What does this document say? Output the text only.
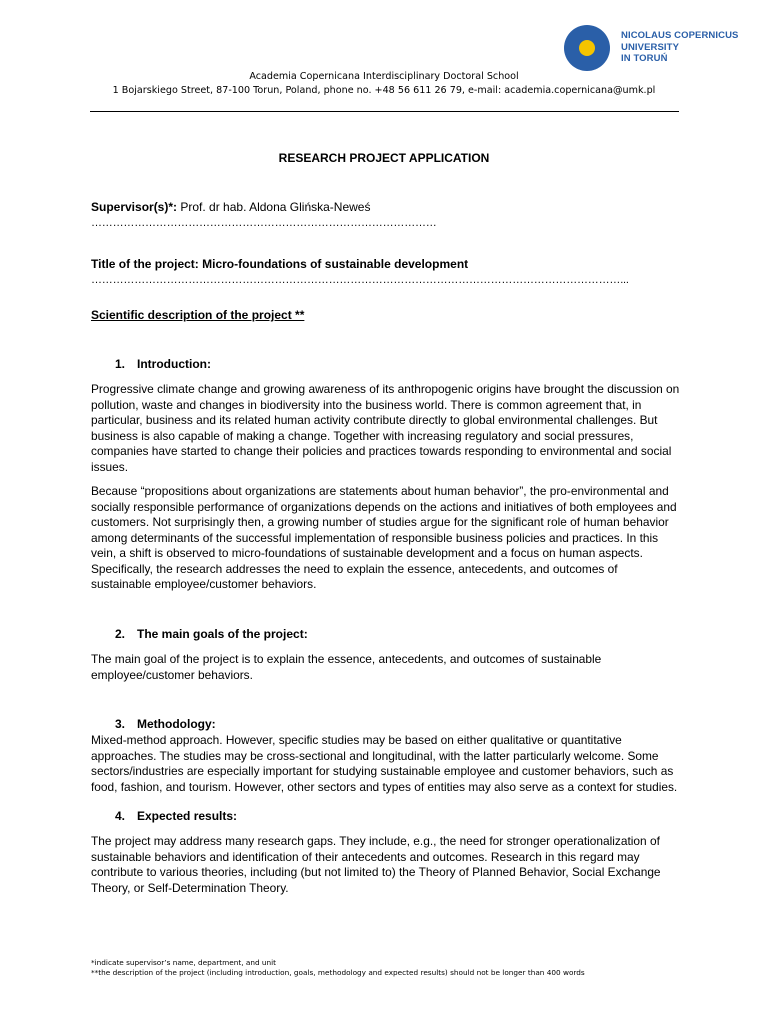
NICOLAUS COPERNICUS
UNIVERSITY
IN TORUŃ
Academia Copernicana Interdisciplinary Doctoral School
1 Bojarskiego Street, 87-100 Torun, Poland, phone no. +48 56 611 26 79, e-mail: academia.copernicana@umk.pl
RESEARCH PROJECT APPLICATION
Supervisor(s)*: Prof. dr hab. Aldona Glińska-Neweś
……………………………………………………………………………………
Title of the project: Micro-foundations of sustainable development
…………………………………………………………………………………………………………………………………...
Scientific description of the project **
1. Introduction:
Progressive climate change and growing awareness of its anthropogenic origins have brought the discussion on pollution, waste and changes in biodiversity into the business world. There is common agreement that, in particular, business and its related human activity contribute directly to global environmental challenges. But business is also capable of making a change. Together with increasing regulatory and social pressures, companies have started to change their policies and practices towards responding to environmental and social issues.
Because “propositions about organizations are statements about human behavior”, the pro-environmental and socially responsible performance of organizations depends on the actions and initiatives of both employees and customers. Not surprisingly then, a growing number of studies argue for the significant role of human behavior among determinants of the successful implementation of responsible business policies and practices. In this vein, a shift is observed to micro-foundations of sustainable development and a focus on human aspects. Specifically, the research addresses the need to explain the essence, antecedents, and outcomes of sustainable employee/customer behaviors.
2. The main goals of the project:
The main goal of the project is to explain the essence, antecedents, and outcomes of sustainable employee/customer behaviors.
3. Methodology:
Mixed-method approach. However, specific studies may be based on either qualitative or quantitative approaches. The studies may be cross-sectional and longitudinal, with the latter particularly welcome. Some sectors/industries are especially important for studying sustainable employee and customer behaviors, such as food, fashion, and tourism. However, other sectors and types of entities may also serve as a context for studies.
4. Expected results:
The project may address many research gaps. They include, e.g., the need for stronger operationalization of sustainable behaviors and identification of their antecedents and outcomes. Research in this regard may contribute to various theories, including (but not limited to) the Theory of Planned Behavior, Social Exchange Theory, or Self-Determination Theory.
*indicate supervisor’s name, department, and unit
**the description of the project (including introduction, goals, methodology and expected results) should not be longer than 400 words
